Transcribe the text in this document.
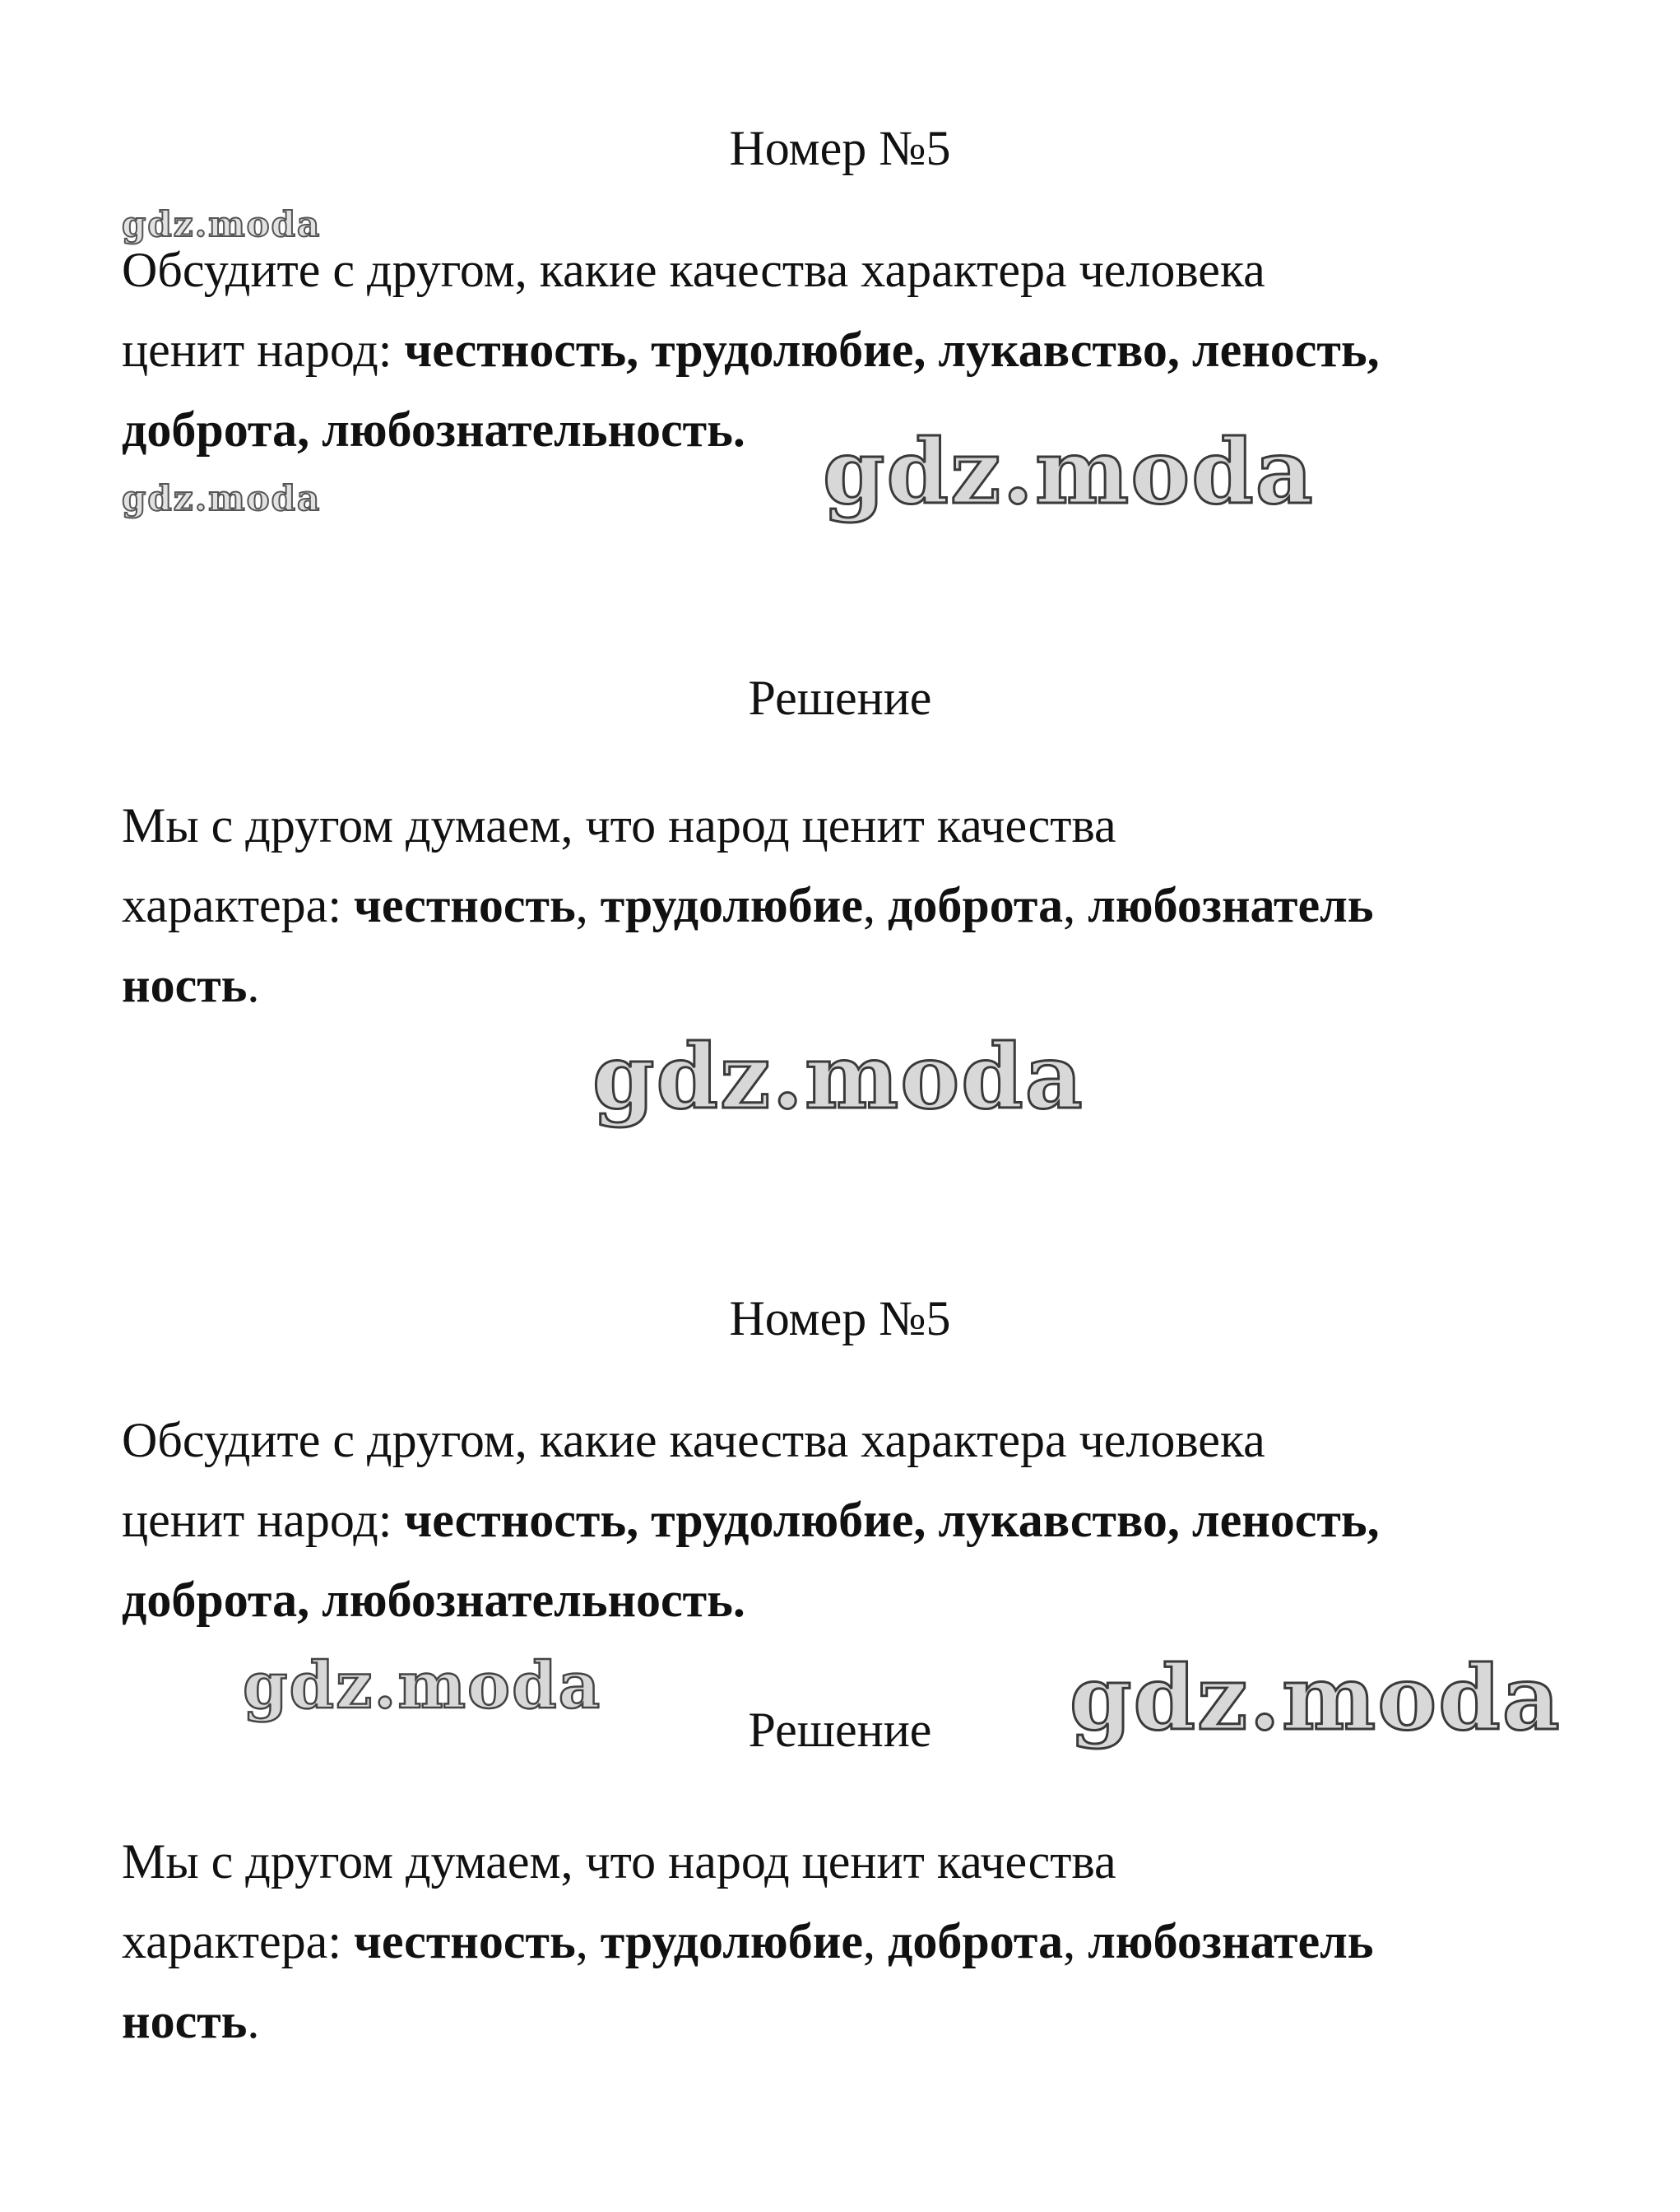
Номер №5

Обсудите с другом, какие качества характера человека
ценит народ: честность, трудолюбие, лукавство, леность,
доброта, любознательность.

Решение

Мы с другом думаем, что народ ценит качества
характера: честность, трудолюбие, доброта, любознатель
ность.

Номер №5

Обсудите с другом, какие качества характера человека
ценит народ: честность, трудолюбие, лукавство, леность,
доброта, любознательность.

Решение

Мы с другом думаем, что народ ценит качества
характера: честность, трудолюбие, доброта, любознатель
ность.

gdz.moda
gdz.moda	gdz.moda
gdz.moda
gdz.moda	gdz.moda
